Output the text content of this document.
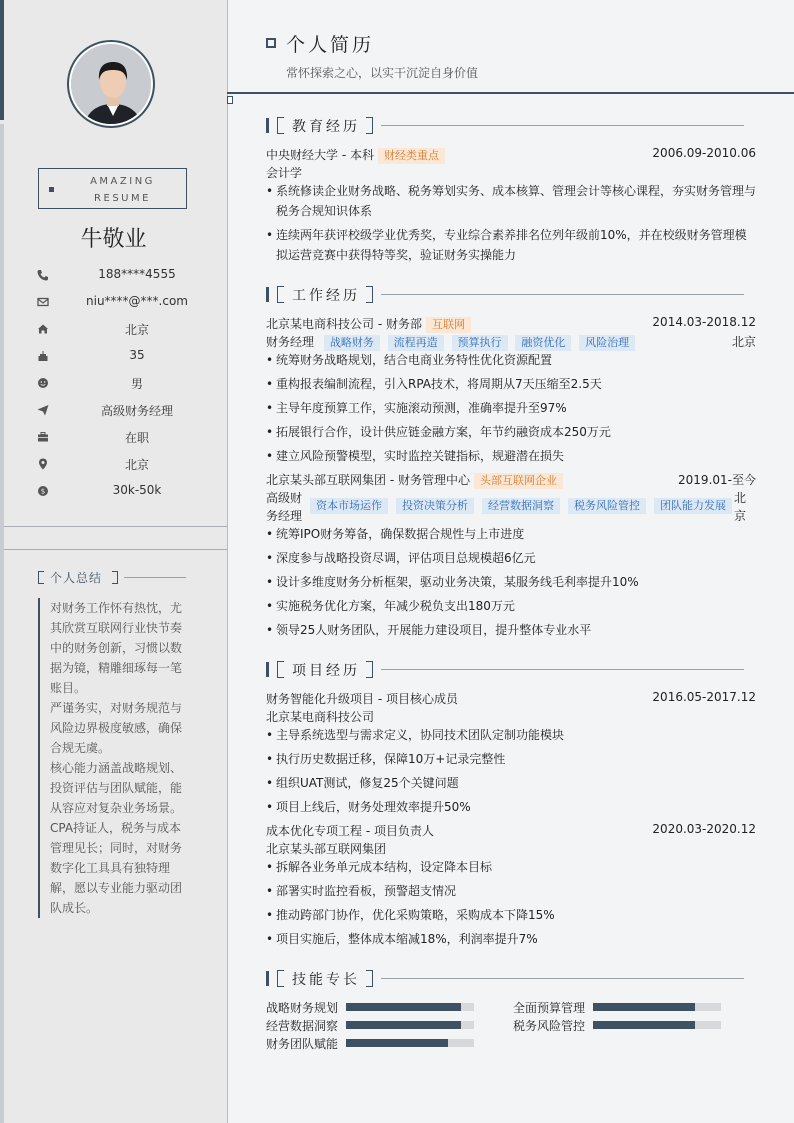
AMAZING
RESUME
牛敬业
188****4555
niu****@***.com
北京
35
男
高级财务经理
在职
北京
$	30k-50k
个人总结

对财务工作怀有热忱，尤其欣赏互联网行业快节奏中的财务创新，习惯以数据为镜，精雕细琢每一笔账目。

严谨务实，对财务规范与风险边界极度敏感，确保合规无虞。

核心能力涵盖战略规划、投资评估与团队赋能，能从容应对复杂业务场景。

CPA持证人，税务与成本管理见长；同时，对财务数字化工具具有独特理解，愿以专业能力驱动团队成长。

个人简历
常怀探索之心，以实干沉淀自身价值
教育经历
中央财经大学 - 本科 财经类重点	2006.09-2010.06
会计学
• 系统修读企业财务战略、税务筹划实务、成本核算、管理会计等核心课程，夯实财务管理与税务合规知识体系
• 连续两年获评校级学业优秀奖，专业综合素养排名位列年级前10%，并在校级财务管理模拟运营竞赛中获得特等奖，验证财务实操能力
工作经历
北京某电商科技公司 - 财务部 互联网	2014.03-2018.12
财务经理 战略财务 流程再造 预算执行 融资优化 风险治理	北京
• 统筹财务战略规划，结合电商业务特性优化资源配置
• 重构报表编制流程，引入RPA技术，将周期从7天压缩至2.5天
• 主导年度预算工作，实施滚动预测，准确率提升至97%
• 拓展银行合作，设计供应链金融方案，年节约融资成本250万元
• 建立风险预警模型，实时监控关键指标，规避潜在损失
北京某头部互联网集团 - 财务管理中心 头部互联网企业	2019.01-至今
高级财
务经理
资本市场运作 投资决策分析 经营数据洞察 税务风险管控 团队能力发展
北
京
• 统筹IPO财务筹备，确保数据合规性与上市进度
• 深度参与战略投资尽调，评估项目总规模超6亿元
• 设计多维度财务分析框架，驱动业务决策，某服务线毛利率提升10%
• 实施税务优化方案，年减少税负支出180万元
• 领导25人财务团队，开展能力建设项目，提升整体专业水平
项目经历
财务智能化升级项目 - 项目核心成员	2016.05-2017.12
北京某电商科技公司
• 主导系统选型与需求定义，协同技术团队定制功能模块
• 执行历史数据迁移，保障10万+记录完整性
• 组织UAT测试，修复25个关键问题
• 项目上线后，财务处理效率提升50%
成本优化专项工程 - 项目负责人	2020.03-2020.12
北京某头部互联网集团
• 拆解各业务单元成本结构，设定降本目标
• 部署实时监控看板，预警超支情况
• 推动跨部门协作，优化采购策略，采购成本下降15%
• 项目实施后，整体成本缩减18%，利润率提升7%
技能专长
战略财务规划	全面预算管理
经营数据洞察	税务风险管控
财务团队赋能
